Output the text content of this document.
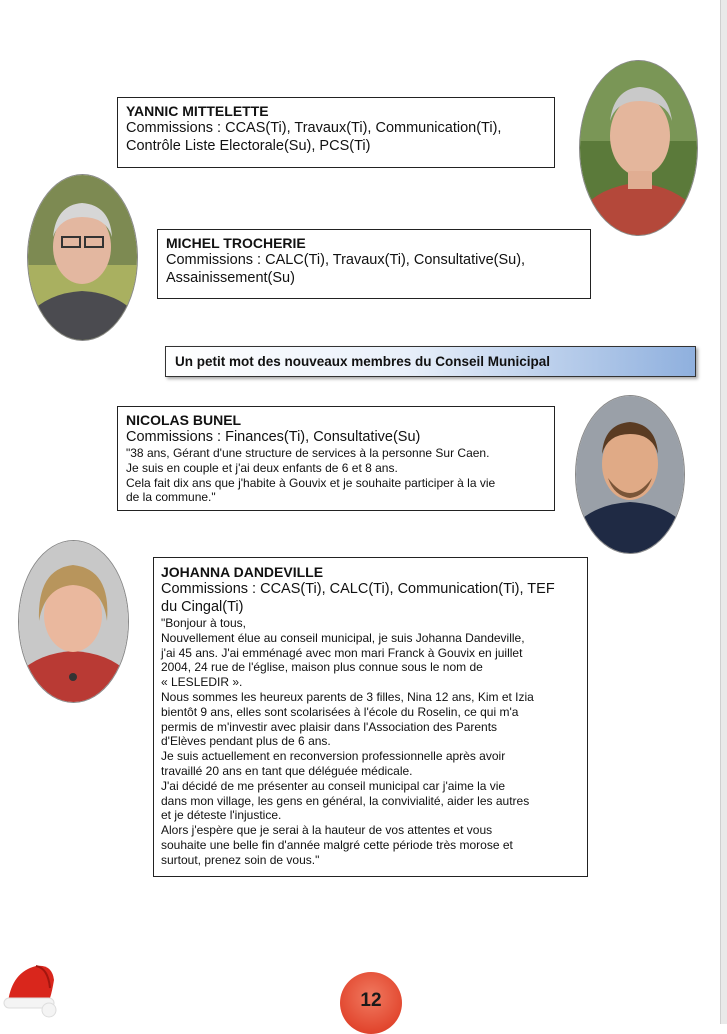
YANNIC MITTELETTE
Commissions : CCAS(Ti), Travaux(Ti), Communication(Ti),
Contrôle Liste Electorale(Su), PCS(Ti)
MICHEL TROCHERIE
Commissions : CALC(Ti), Travaux(Ti), Consultative(Su),
Assainissement(Su)
Un petit mot des nouveaux membres du Conseil Municipal
NICOLAS BUNEL
Commissions : Finances(Ti), Consultative(Su)
"38 ans, Gérant d'une structure de services à la personne Sur Caen.
Je suis en couple et j'ai deux enfants de 6 et 8 ans.
Cela fait dix ans que j'habite à Gouvix et je souhaite participer à la vie
de la commune."
JOHANNA DANDEVILLE
Commissions : CCAS(Ti), CALC(Ti), Communication(Ti), TEF
du Cingal(Ti)
"Bonjour à tous,
Nouvellement élue au conseil municipal, je suis Johanna Dandeville,
j'ai 45 ans. J'ai emménagé avec mon mari Franck à Gouvix en juillet
2004, 24 rue de l'église, maison plus connue sous le nom de
« LESLEDIR ».
Nous sommes les heureux parents de 3 filles, Nina 12 ans, Kim et Izia
bientôt 9 ans, elles sont scolarisées à l'école du Roselin, ce qui m'a
permis de m'investir avec plaisir dans l'Association des Parents
d'Elèves pendant plus de 6 ans.
Je suis actuellement en reconversion professionnelle après avoir
travaillé 20 ans en tant que déléguée médicale.
J'ai décidé de me présenter au conseil municipal car j'aime la vie
dans mon village, les gens en général, la convivialité, aider les autres
et je déteste l'injustice.
Alors j'espère que je serai à la hauteur de vos attentes et vous
souhaite une belle fin d'année malgré cette période très morose et
surtout, prenez soin de vous."
12
